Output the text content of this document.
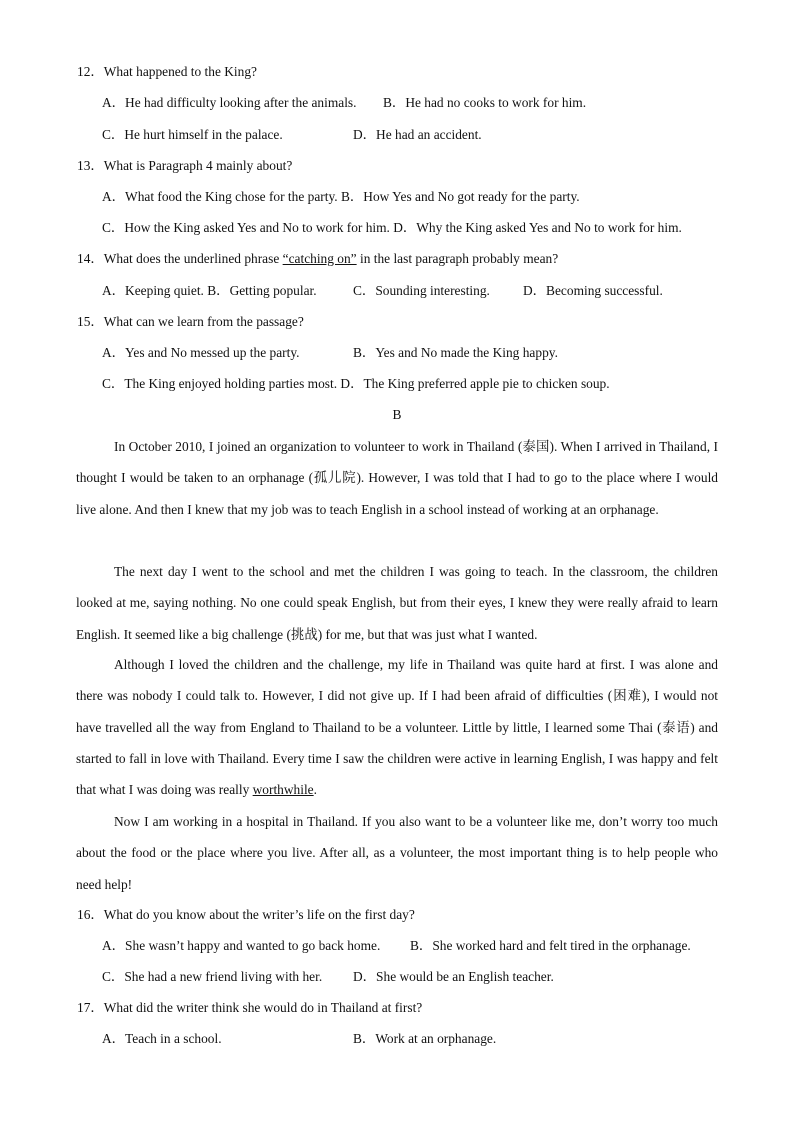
12．What happened to the King?
A．He had difficulty looking after the animals. B．He had no cooks to work for him.
C．He hurt himself in the palace.	D．He had an accident.
13．What is Paragraph 4 mainly about?
A．What food the King chose for the party. B．How Yes and No got ready for the party.
C．How the King asked Yes and No to work for him. D．Why the King asked Yes and No to work for him.
14．What does the underlined phrase “catching on” in the last paragraph probably mean?
A．Keeping quiet. B．Getting popular.	C．Sounding interesting. D．Becoming successful.
15．What can we learn from the passage?
A．Yes and No messed up the party.	B．Yes and No made the King happy.
C．The King enjoyed holding parties most. D．The King preferred apple pie to chicken soup.
B
In October 2010, I joined an organization to volunteer to work in Thailand (泰国). When I arrived in Thailand, I thought I would be taken to an orphanage (孤儿院). However, I was told that I had to go to the place where I would live alone. And then I knew that my job was to teach English in a school instead of working at an orphanage.
The next day I went to the school and met the children I was going to teach. In the classroom, the children looked at me, saying nothing. No one could speak English, but from their eyes, I knew they were really afraid to learn English. It seemed like a big challenge (挑战) for me, but that was just what I wanted.
Although I loved the children and the challenge, my life in Thailand was quite hard at first. I was alone and there was nobody I could talk to. However, I did not give up. If I had been afraid of difficulties (困难), I would not have travelled all the way from England to Thailand to be a volunteer. Little by little, I learned some Thai (泰语) and started to fall in love with Thailand. Every time I saw the children were active in learning English, I was happy and felt that what I was doing was really worthwhile.
Now I am working in a hospital in Thailand. If you also want to be a volunteer like me, don’t worry too much about the food or the place where you live. After all, as a volunteer, the most important thing is to help people who need help!
16．What do you know about the writer’s life on the first day?
A．She wasn’t happy and wanted to go back home. B．She worked hard and felt tired in the orphanage.
C．She had a new friend living with her. D．She would be an English teacher.
17．What did the writer think she would do in Thailand at first?
A．Teach in a school.	B．Work at an orphanage.
